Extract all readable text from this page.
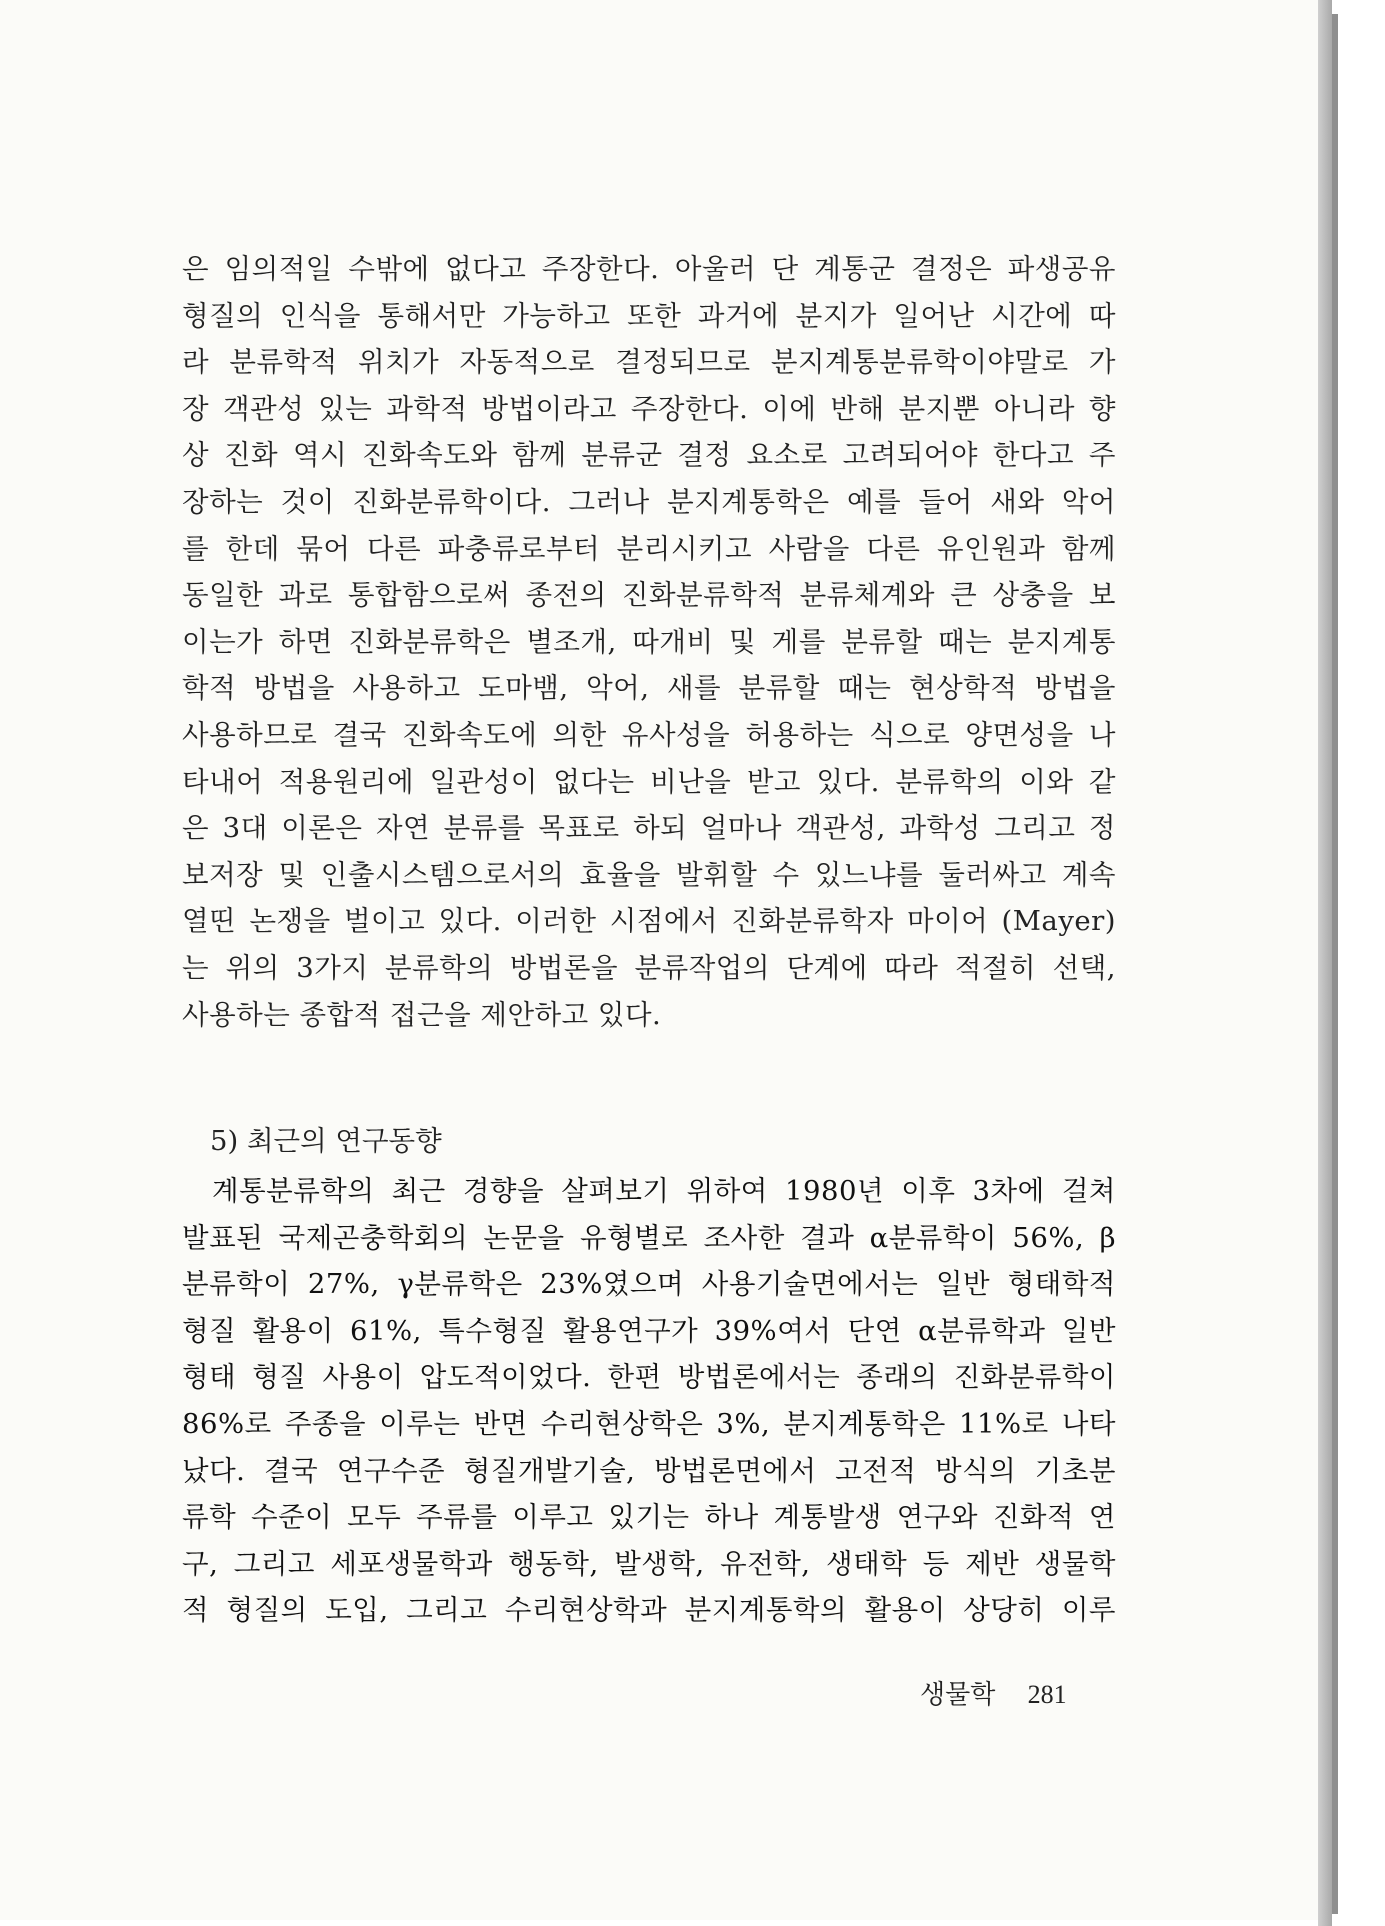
은 임의적일 수밖에 없다고 주장한다. 아울러 단 계통군 결정은 파생공유
형질의 인식을 통해서만 가능하고 또한 과거에 분지가 일어난 시간에 따
라 분류학적 위치가 자동적으로 결정되므로 분지계통분류학이야말로 가
장 객관성 있는 과학적 방법이라고 주장한다. 이에 반해 분지뿐 아니라 향
상 진화 역시 진화속도와 함께 분류군 결정 요소로 고려되어야 한다고 주
장하는 것이 진화분류학이다. 그러나 분지계통학은 예를 들어 새와 악어
를 한데 묶어 다른 파충류로부터 분리시키고 사람을 다른 유인원과 함께
동일한 과로 통합함으로써 종전의 진화분류학적 분류체계와 큰 상충을 보
이는가 하면 진화분류학은 별조개, 따개비 및 게를 분류할 때는 분지계통
학적 방법을 사용하고 도마뱀, 악어, 새를 분류할 때는 현상학적 방법을
사용하므로 결국 진화속도에 의한 유사성을 허용하는 식으로 양면성을 나
타내어 적용원리에 일관성이 없다는 비난을 받고 있다. 분류학의 이와 같
은 3대 이론은 자연 분류를 목표로 하되 얼마나 객관성, 과학성 그리고 정
보저장 및 인출시스템으로서의 효율을 발휘할 수 있느냐를 둘러싸고 계속
열띤 논쟁을 벌이고 있다. 이러한 시점에서 진화분류학자 마이어 (Mayer)
는 위의 3가지 분류학의 방법론을 분류작업의 단계에 따라 적절히 선택,
사용하는 종합적 접근을 제안하고 있다.
5) 최근의 연구동향
계통분류학의 최근 경향을 살펴보기 위하여 1980년 이후 3차에 걸쳐
발표된 국제곤충학회의 논문을 유형별로 조사한 결과 α분류학이 56%, β
분류학이 27%, γ분류학은 23%였으며 사용기술면에서는 일반 형태학적
형질 활용이 61%, 특수형질 활용연구가 39%여서 단연 α분류학과 일반
형태 형질 사용이 압도적이었다. 한편 방법론에서는 종래의 진화분류학이
86%로 주종을 이루는 반면 수리현상학은 3%, 분지계통학은 11%로 나타
났다. 결국 연구수준 형질개발기술, 방법론면에서 고전적 방식의 기초분
류학 수준이 모두 주류를 이루고 있기는 하나 계통발생 연구와 진화적 연
구, 그리고 세포생물학과 행동학, 발생학, 유전학, 생태학 등 제반 생물학
적 형질의 도입, 그리고 수리현상학과 분지계통학의 활용이 상당히 이루
생물학 281
